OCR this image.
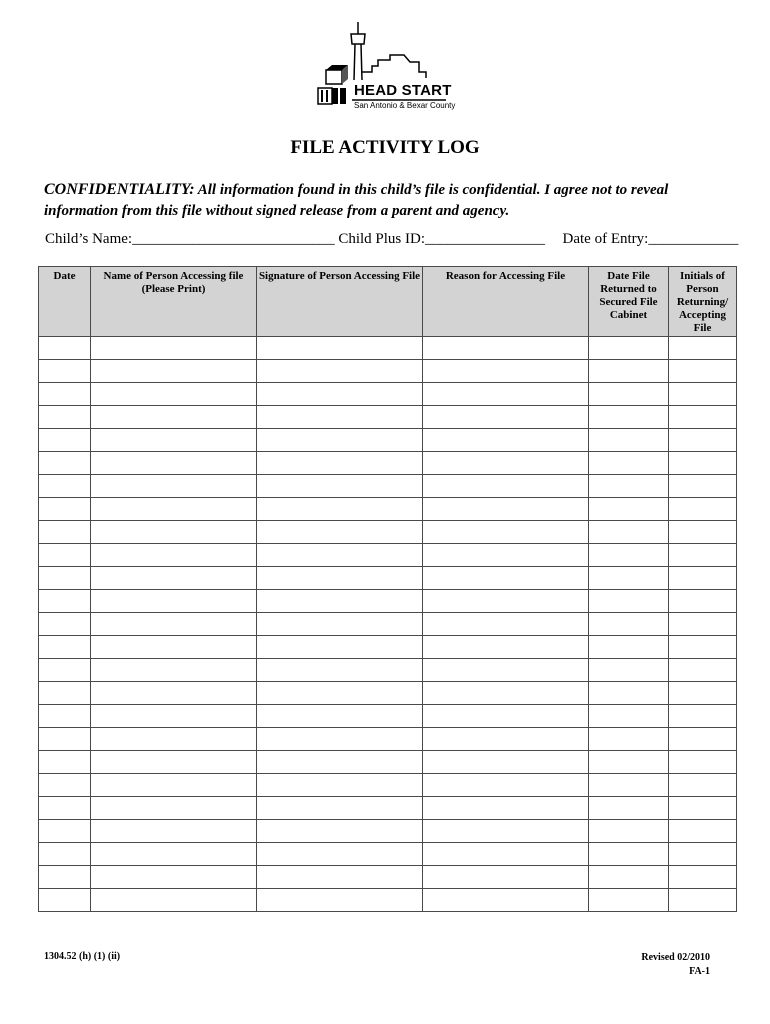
HEAD START
San Antonio & Bexar County
FILE ACTIVITY LOG
CONFIDENTIALITY: All information found in this child’s file is confidential. I agree not to reveal information from this file without signed release from a parent and agency.
Child’s Name:___________________________ Child Plus ID:________________ Date of Entry:____________
Date	Name of Person Accessing file (Please Print)	Signature of Person Accessing File	Reason for Accessing File	Date File Returned to Secured File Cabinet	Initials of Person Returning/ Accepting File

1304.52 (h) (1) (ii)	Revised 02/2010
FA-1
